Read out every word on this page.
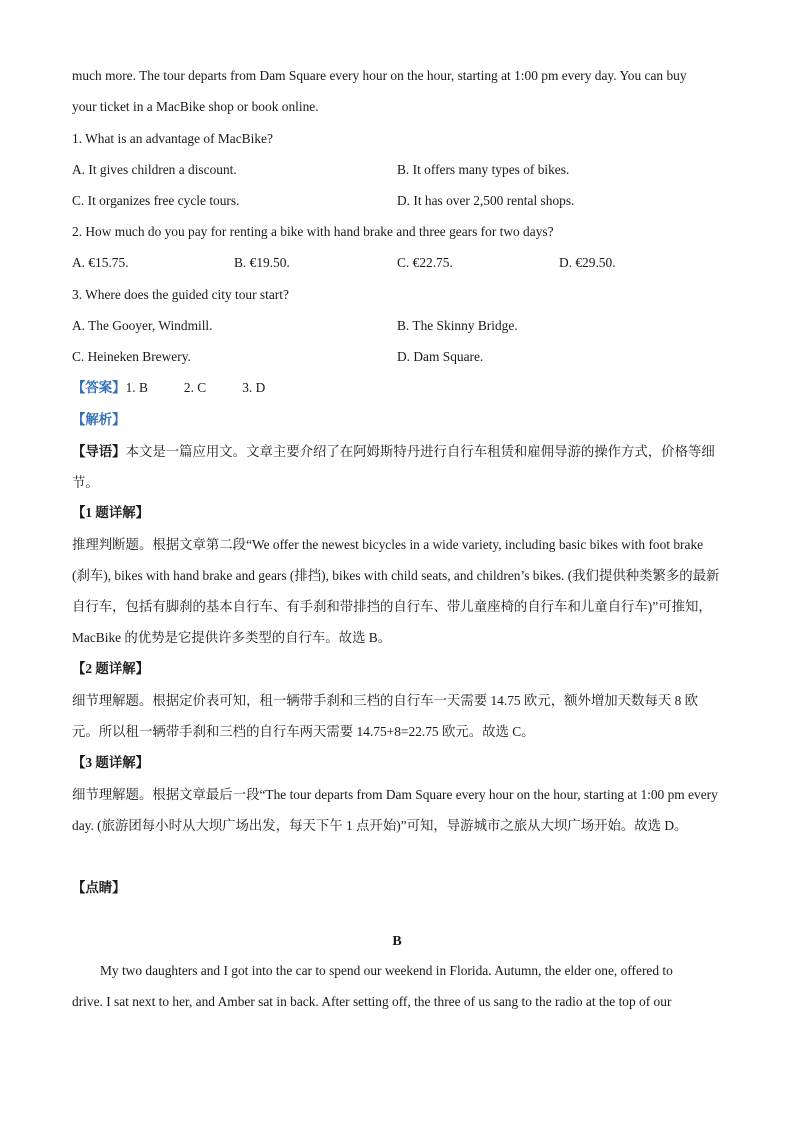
much more. The tour departs from Dam Square every hour on the hour, starting at 1:00 pm every day. You can buy
your ticket in a MacBike shop or book online.
1. What is an advantage of MacBike?
A. It gives children a discount.	B. It offers many types of bikes.
C. It organizes free cycle tours.	D. It has over 2,500 rental shops.
2. How much do you pay for renting a bike with hand brake and three gears for two days?
A. €15.75.	B. €19.50.	C. €22.75.	D. €29.50.
3. Where does the guided city tour start?
A. The Gooyer, Windmill.	B. The Skinny Bridge.
C. Heineken Brewery.	D. Dam Square.
【答案】1. B	2. C	3. D
【解析】
【导语】本文是一篇应用文。文章主要介绍了在阿姆斯特丹进行自行车租赁和雇佣导游的操作方式，价格等细节。
【1 题详解】
推理判断题。根据文章第二段“We offer the newest bicycles in a wide variety, including basic bikes with foot brake (刹车), bikes with hand brake and gears (排挡), bikes with child seats, and children’s bikes. (我们提供种类繁多的最新自行车，包括有脚刹的基本自行车、有手刹和带排挡的自行车、带儿童座椅的自行车和儿童自行车)”可推知，MacBike 的优势是它提供许多类型的自行车。故选 B。
【2 题详解】
细节理解题。根据定价表可知，租一辆带手刹和三档的自行车一天需要 14.75 欧元，额外增加天数每天 8 欧元。所以租一辆带手刹和三档的自行车两天需要 14.75+8=22.75 欧元。故选 C。
【3 题详解】
细节理解题。根据文章最后一段“The tour departs from Dam Square every hour on the hour, starting at 1:00 pm every day. (旅游团每小时从大坝广场出发，每天下午 1 点开始)”可知，导游城市之旅从大坝广场开始。故选 D。
【点睛】
B
My two daughters and I got into the car to spend our weekend in Florida. Autumn, the elder one, offered to drive. I sat next to her, and Amber sat in back. After setting off, the three of us sang to the radio at the top of our
